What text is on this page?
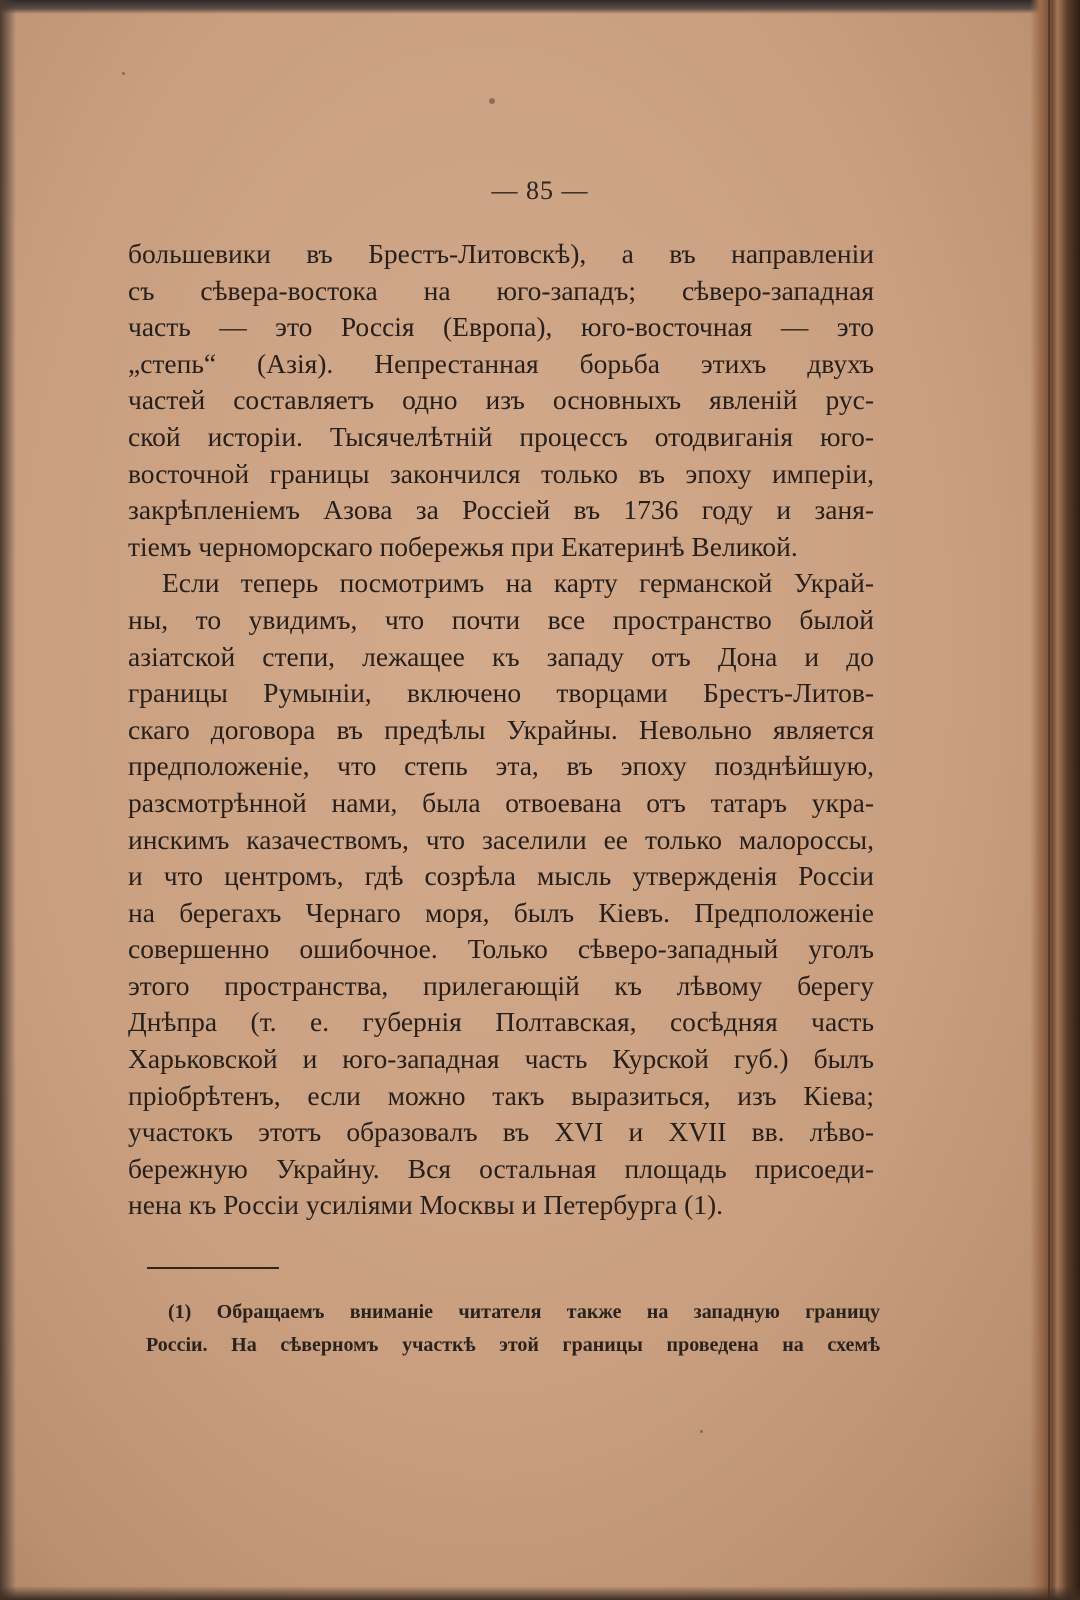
— 85 —
большевики въ Брестъ-Литовскѣ), а въ направленіи
съ сѣвера-востока на юго-западъ; сѣверо-западная
часть — это Россія (Европа), юго-восточная — это
„степь“ (Азія). Непрестанная борьба этихъ двухъ
частей составляетъ одно изъ основныхъ явленій рус-
ской исторіи. Тысячелѣтній процессъ отодвиганія юго-
восточной границы закончился только въ эпоху имперіи,
закрѣпленіемъ Азова за Россіей въ 1736 году и заня-
тіемъ черноморскаго побережья при Екатеринѣ Великой.
Если теперь посмотримъ на карту германской Украй-
ны, то увидимъ, что почти все пространство былой
азіатской степи, лежащее къ западу отъ Дона и до
границы Румыніи, включено творцами Брестъ-Литов-
скаго договора въ предѣлы Украйны. Невольно является
предположеніе, что степь эта, въ эпоху позднѣйшую,
разсмотрѣнной нами, была отвоевана отъ татаръ укра-
инскимъ казачествомъ, что заселили ее только малороссы,
и что центромъ, гдѣ созрѣла мысль утвержденія Россіи
на берегахъ Чернаго моря, былъ Кіевъ. Предположеніе
совершенно ошибочное. Только сѣверо-западный уголъ
этого пространства, прилегающій къ лѣвому берегу
Днѣпра (т. е. губернія Полтавская, сосѣдняя часть
Харьковской и юго-западная часть Курской губ.) былъ
пріобрѣтенъ, если можно такъ выразиться, изъ Кіева;
участокъ этотъ образовалъ въ XVI и XVII вв. лѣво-
бережную Украйну. Вся остальная площадь присоеди-
нена къ Россіи усиліями Москвы и Петербурга (1).
(1) Обращаемъ вниманіе читателя также на западную границу
Россіи. На сѣверномъ участкѣ этой границы проведена на схемѣ
